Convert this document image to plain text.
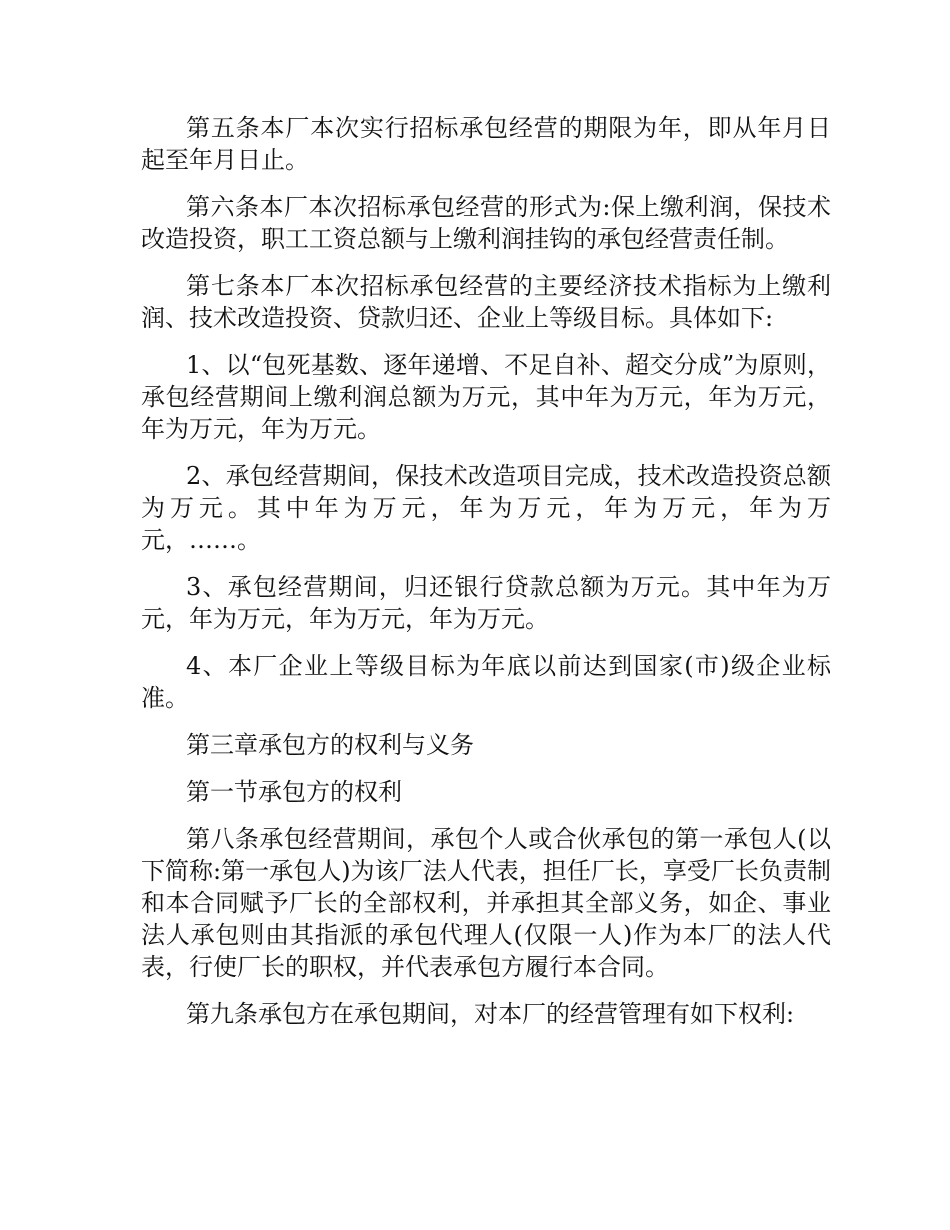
第五条本厂本次实行招标承包经营的期限为年，即从年月日起至年月日止。

第六条本厂本次招标承包经营的形式为:保上缴利润，保技术改造投资，职工工资总额与上缴利润挂钩的承包经营责任制。

第七条本厂本次招标承包经营的主要经济技术指标为上缴利润、技术改造投资、贷款归还、企业上等级目标。具体如下:

1、以“包死基数、逐年递增、不足自补、超交分成”为原则，承包经营期间上缴利润总额为万元，其中年为万元，年为万元，年为万元，年为万元。

2、承包经营期间，保技术改造项目完成，技术改造投资总额为万元。其中年为万元，年为万元，年为万元，年为万元，……。

3、承包经营期间，归还银行贷款总额为万元。其中年为万元，年为万元，年为万元，年为万元。

4、本厂企业上等级目标为年底以前达到国家(市)级企业标准。

第三章承包方的权利与义务

第一节承包方的权利

第八条承包经营期间，承包个人或合伙承包的第一承包人(以下简称:第一承包人)为该厂法人代表，担任厂长，享受厂长负责制和本合同赋予厂长的全部权利，并承担其全部义务，如企、事业法人承包则由其指派的承包代理人(仅限一人)作为本厂的法人代表，行使厂长的职权，并代表承包方履行本合同。

第九条承包方在承包期间，对本厂的经营管理有如下权利:
